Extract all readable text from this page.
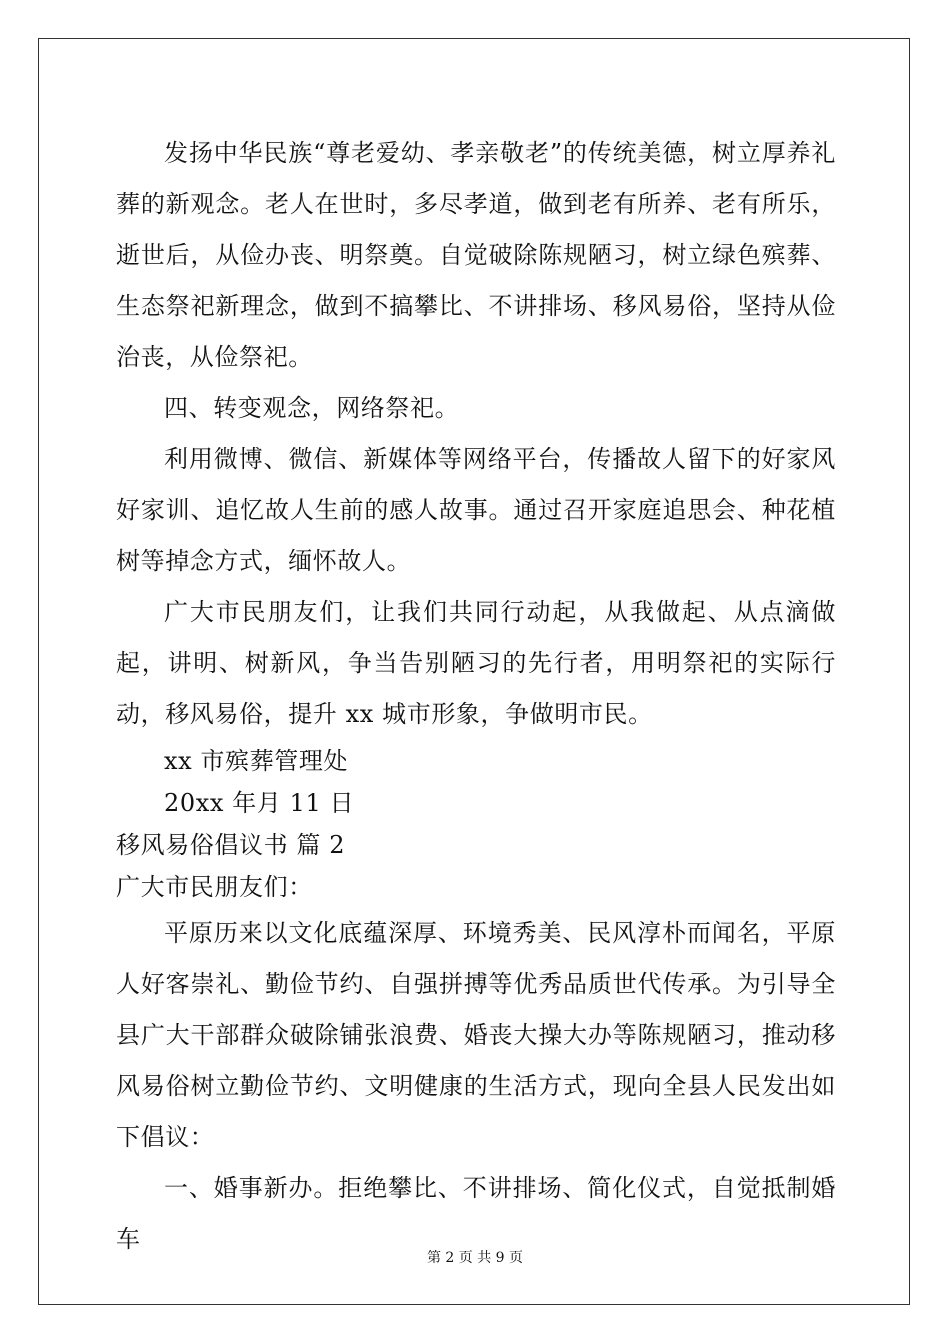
发扬中华民族“尊老爱幼、孝亲敬老”的传统美德，树立厚养礼葬的新观念。老人在世时，多尽孝道，做到老有所养、老有所乐，逝世后，从俭办丧、明祭奠。自觉破除陈规陋习，树立绿色殡葬、生态祭祀新理念，做到不搞攀比、不讲排场、移风易俗，坚持从俭治丧，从俭祭祀。

四、转变观念，网络祭祀。

利用微博、微信、新媒体等网络平台，传播故人留下的好家风好家训、追忆故人生前的感人故事。通过召开家庭追思会、种花植树等掉念方式，缅怀故人。

广大市民朋友们，让我们共同行动起，从我做起、从点滴做起，讲明、树新风，争当告别陋习的先行者，用明祭祀的实际行动，移风易俗，提升 xx 城市形象，争做明市民。

xx 市殡葬管理处

20xx 年月 11 日

移风易俗倡议书 篇 2

广大市民朋友们：

平原历来以文化底蕴深厚、环境秀美、民风淳朴而闻名，平原人好客崇礼、勤俭节约、自强拼搏等优秀品质世代传承。为引导全县广大干部群众破除铺张浪费、婚丧大操大办等陈规陋习，推动移风易俗树立勤俭节约、文明健康的生活方式，现向全县人民发出如下倡议：

一、婚事新办。拒绝攀比、不讲排场、简化仪式，自觉抵制婚车

第 2 页 共 9 页
